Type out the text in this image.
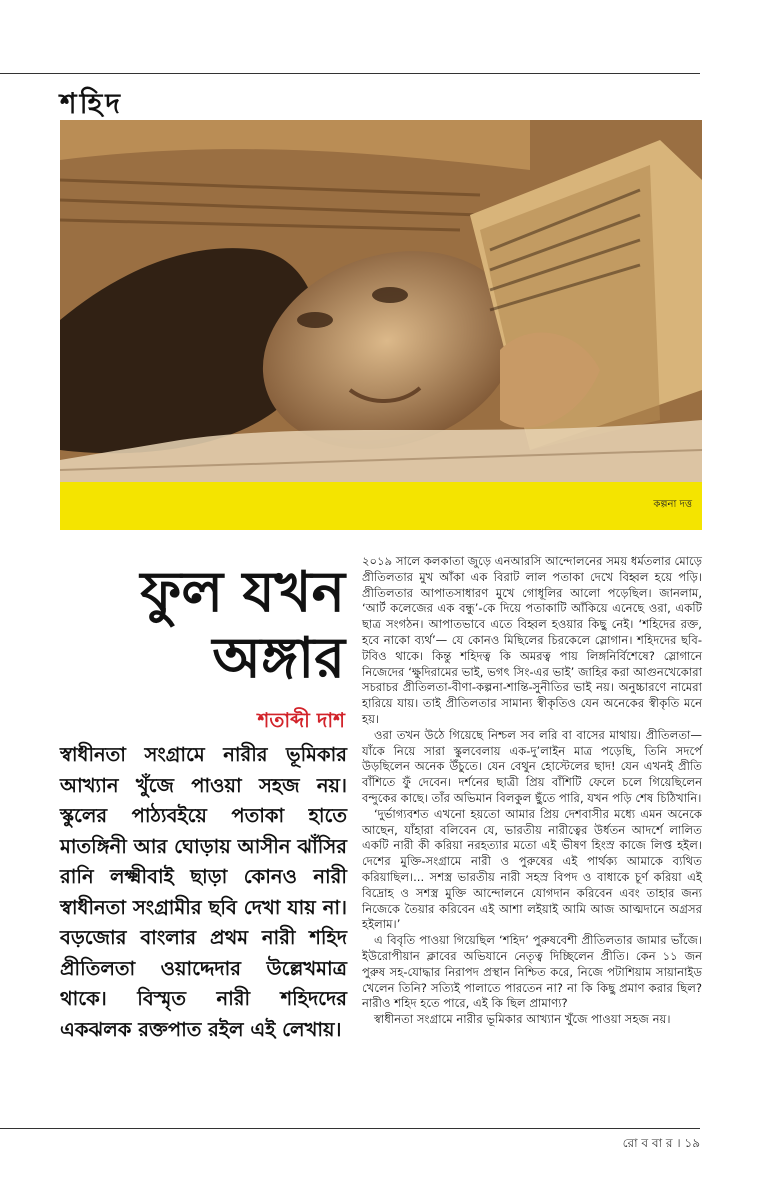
শহিদ
কল্পনা দত্ত
ফুল যখন
অঙ্গার
শতাব্দী দাশ
স্বাধীনতা সংগ্রামে নারীর ভূমিকার আখ্যান খুঁজে পাওয়া সহজ নয়। স্কুলের পাঠ্যবইয়ে পতাকা হাতে মাতঙ্গিনী আর ঘোড়ায় আসীন ঝাঁসির রানি লক্ষ্মীবাই ছাড়া কোনও নারী স্বাধীনতা সংগ্রামীর ছবি দেখা যায় না। বড়জোর বাংলার প্রথম নারী শহিদ প্রীতিলতা ওয়াদ্দেদার উল্লেখমাত্র থাকে। বিস্মৃত নারী শহিদদের একঝলক রক্তপাত রইল এই লেখায়।

২০১৯ সালে কলকাতা জুড়ে এনআরসি আন্দোলনের সময় ধর্মতলার মোড়ে প্রীতিলতার মুখ আঁকা এক বিরাট লাল পতাকা দেখে বিহ্বল হয়ে পড়ি। প্রীতিলতার আপাতসাধারণ মুখে গোধূলির আলো পড়েছিল। জানলাম, ‘আর্ট কলেজের এক বন্ধু’-কে দিয়ে পতাকাটি আঁকিয়ে এনেছে ওরা, একটি ছাত্র সংগঠন। আপাতভাবে এতে বিহ্বল হওয়ার কিছু নেই। ‘শহিদের রক্ত, হবে নাকো ব্যর্থ’— যে কোনও মিছিলের চিরকেলে স্লোগান। শহিদদের ছবি-টবিও থাকে। কিন্তু শহিদত্ব কি অমরত্ব পায় লিঙ্গনির্বিশেষে? স্লোগানে নিজেদের ‘ক্ষুদিরামের ভাই, ভগৎ সিং-এর ভাই’ জাহির করা আগুনখেকোরা সচরাচর প্রীতিলতা-বীণা-কল্পনা-শান্তি-সুনীতির ভাই নয়। অনুচ্চারণে নামেরা হারিয়ে যায়। তাই প্রীতিলতার সামান্য স্বীকৃতিও যেন অনেকের স্বীকৃতি মনে হয়।

ওরা তখন উঠে গিয়েছে নিশ্চল সব লরি বা বাসের মাথায়। প্রীতিলতা— যাঁকে নিয়ে সারা স্কুলবেলায় এক-দু’লাইন মাত্র পড়েছি, তিনি সদর্পে উড়ছিলেন অনেক উঁচুতে। যেন বেথুন হোস্টেলের ছাদ! যেন এখনই প্রীতি বাঁশিতে ফুঁ দেবেন। দর্শনের ছাত্রী প্রিয় বাঁশিটি ফেলে চলে গিয়েছিলেন বন্দুকের কাছে। তাঁর অভিমান বিলকুল ছুঁতে পারি, যখন পড়ি শেষ চিঠিখানি।

‘দুর্ভাগ্যবশত এখনো হয়তো আমার প্রিয় দেশবাসীর মধ্যে এমন অনেকে আছেন, যাঁহারা বলিবেন যে, ভারতীয় নারীত্বের উর্ধতন আদর্শে লালিত একটি নারী কী করিয়া নরহত্যার মতো এই ভীষণ হিংস্র কাজে লিপ্ত হইল। দেশের মুক্তি-সংগ্রামে নারী ও পুরুষের এই পার্থক্য আমাকে ব্যথিত করিয়াছিল।... সশস্ত্র ভারতীয় নারী সহস্র বিপদ ও বাধাকে চূর্ণ করিয়া এই বিদ্রোহ ও সশস্ত্র মুক্তি আন্দোলনে যোগদান করিবেন এবং তাহার জন্য নিজেকে তৈয়ার করিবেন এই আশা লইয়াই আমি আজ আত্মদানে অগ্রসর হইলাম।’

এ বিবৃতি পাওয়া গিয়েছিল ‘শহিদ’ পুরুষবেশী প্রীতিলতার জামার ভাঁজে। ইউরোপীয়ান ক্লাবের অভিযানে নেতৃত্ব দিচ্ছিলেন প্রীতি। কেন ১১ জন পুরুষ সহ-যোদ্ধার নিরাপদ প্রস্থান নিশ্চিত করে, নিজে পটাশিয়াম সায়ানাইড খেলেন তিনি? সত্যিই পালাতে পারতেন না? না কি কিছু প্রমাণ করার ছিল? নারীও শহিদ হতে পারে, এই কি ছিল প্রামাণ্য?

স্বাধীনতা সংগ্রামে নারীর ভূমিকার আখ্যান খুঁজে পাওয়া সহজ নয়।

রো ব বা র । ১৯
